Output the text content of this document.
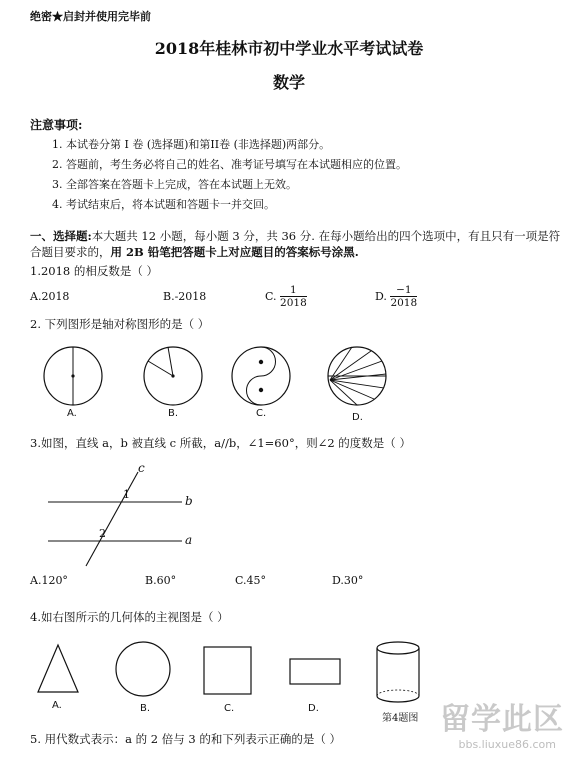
绝密★启封并使用完毕前
2018年桂林市初中学业水平考试试卷
数学
注意事项:
1. 本试卷分第 I 卷 (选择题)和第II卷 (非选择题)两部分。
2. 答题前，考生务必将自己的姓名、准考证号填写在本试题相应的位置。
3. 全部答案在答题卡上完成，答在本试题上无效。
4. 考试结束后，将本试题和答题卡一并交回。
一、选择题:本大题共 12 小题，每小题 3 分，共 36 分. 在每小题给出的四个选项中，有且只有一项是符
合题目要求的，用 2B 铅笔把答题卡上对应题目的答案标号涂黑.
1.2018 的相反数是（ ）
A.2018	B.-2018	C. $\frac{1}{2018}$	D. $\frac{-1}{2018}$
2. 下列图形是轴对称图形的是（ ）
A.	B.	C.	D.
3.如图，直线 a，b 被直线 c 所截，a//b，∠1=60°，则∠2 的度数是（ ）
c
b
a
1
2
A.120°	B.60°	C.45°	D.30°
4.如右图所示的几何体的主视图是（ ）
A.	B.	C.	D.
第4题图
5. 用代数式表示：a 的 2 倍与 3 的和下列表示正确的是（ ）
留学此区
bbs.liuxue86.com
